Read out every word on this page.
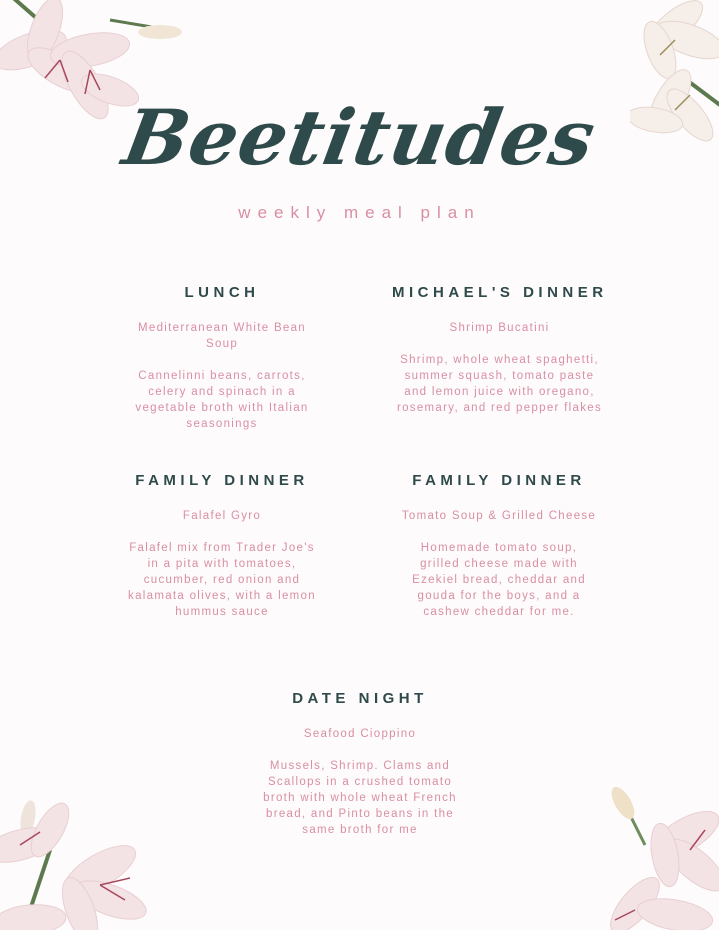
Beetitudes
weekly meal plan

LUNCH

Mediterranean White Bean Soup
Cannelinni beans, carrots, celery and spinach in a vegetable broth with Italian seasonings

MICHAEL'S DINNER

Shrimp Bucatini
Shrimp, whole wheat spaghetti, summer squash, tomato paste and lemon juice with oregano, rosemary, and red pepper flakes

FAMILY DINNER

Falafel Gyro
Falafel mix from Trader Joe's in a pita with tomatoes, cucumber, red onion and kalamata olives, with a lemon hummus sauce

FAMILY DINNER

Tomato Soup & Grilled Cheese
Homemade tomato soup, grilled cheese made with Ezekiel bread, cheddar and gouda for the boys, and a cashew cheddar for me.

DATE NIGHT

Seafood Cioppino
Mussels, Shrimp. Clams and Scallops in a crushed tomato broth with whole wheat French bread, and Pinto beans in the same broth for me
